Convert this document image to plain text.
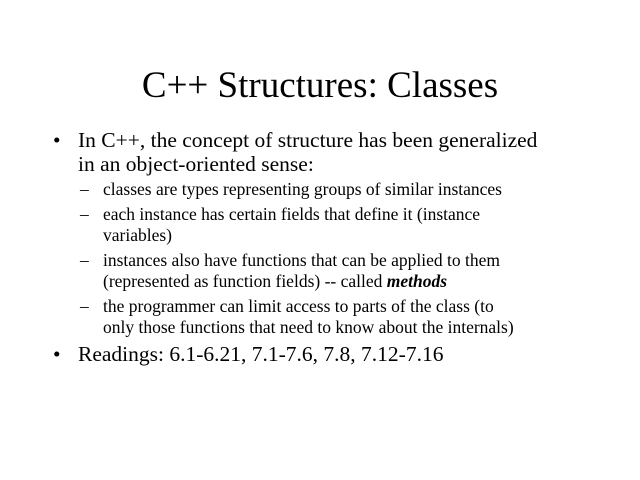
C++ Structures: Classes
• In C++, the concept of structure has been generalized
in an object-oriented sense:
– classes are types representing groups of similar instances
– each instance has certain fields that define it (instance
variables)
– instances also have functions that can be applied to them
(represented as function fields) -- called methods
– the programmer can limit access to parts of the class (to
only those functions that need to know about the internals)
• Readings: 6.1-6.21, 7.1-7.6, 7.8, 7.12-7.16
